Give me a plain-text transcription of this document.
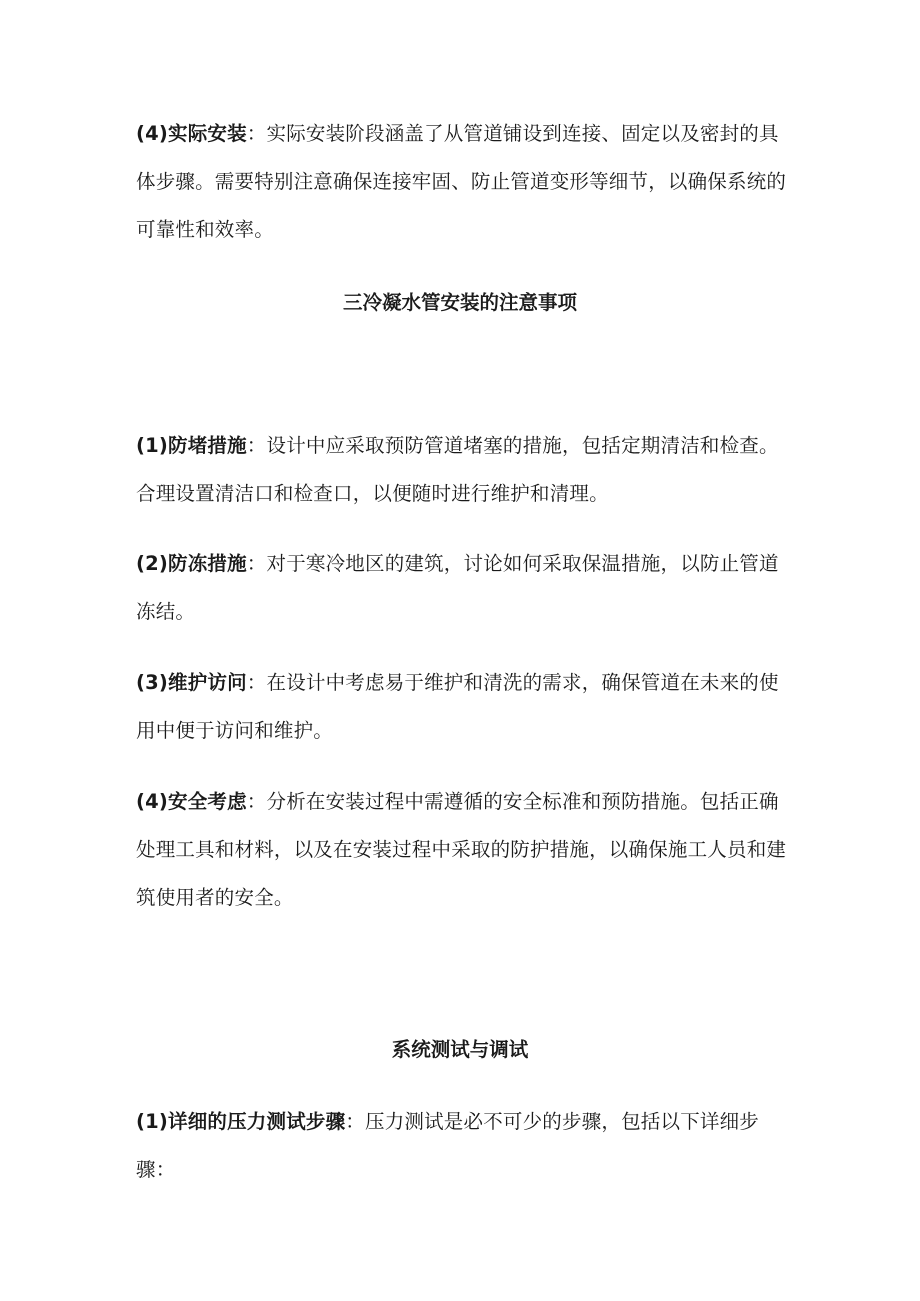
(4)实际安装：实际安装阶段涵盖了从管道铺设到连接、固定以及密封的具体步骤。需要特别注意确保连接牢固、防止管道变形等细节，以确保系统的可靠性和效率。

三冷凝水管安装的注意事项

(1)防堵措施：设计中应采取预防管道堵塞的措施，包括定期清洁和检查。合理设置清洁口和检查口，以便随时进行维护和清理。

(2)防冻措施：对于寒冷地区的建筑，讨论如何采取保温措施，以防止管道冻结。

(3)维护访问：在设计中考虑易于维护和清洗的需求，确保管道在未来的使用中便于访问和维护。

(4)安全考虑：分析在安装过程中需遵循的安全标准和预防措施。包括正确处理工具和材料，以及在安装过程中采取的防护措施，以确保施工人员和建筑使用者的安全。

系统测试与调试

(1)详细的压力测试步骤：压力测试是必不可少的步骤，包括以下详细步骤：
